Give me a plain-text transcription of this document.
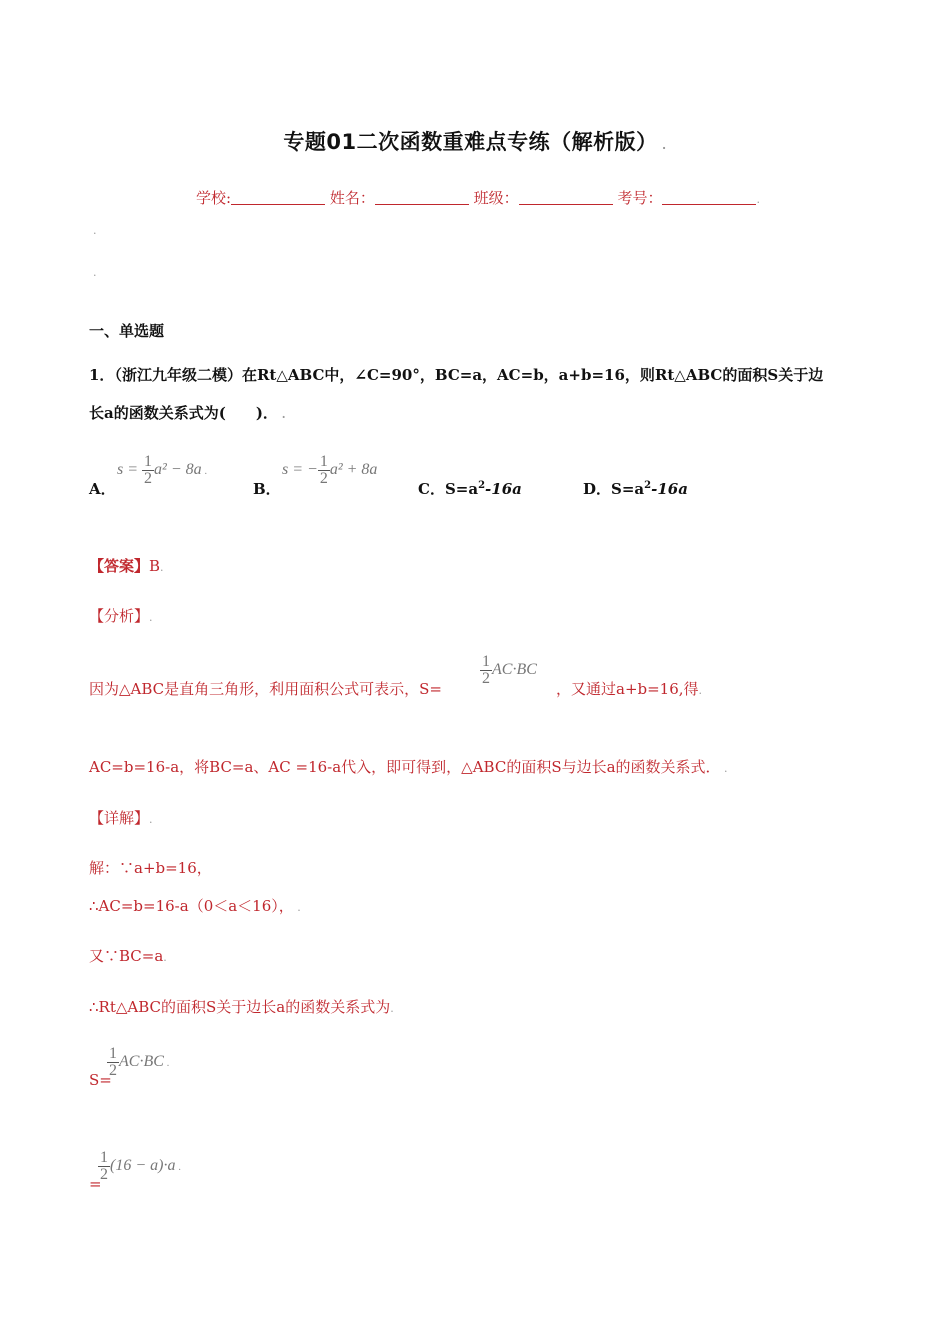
专题01二次函数重难点专练（解析版） .
学校:	姓名：	班级：	考号：	.
.
.
一、单选题
1．（浙江九年级二模）在Rt△ABC中，∠C=90°，BC=a，AC=b，a+b=16，则Rt△ABC的面积S关于边
长a的函数关系式为(　　)． .
A．
$s = \frac{1}{2} a^2 - 8a$ .
B．
s = − $\frac{1}{2} a^2 + 8a$
C．$S=a^2-16a$	D．$S=a^2-16a$
【答案】B.
【分析】.
因为△ABC是直角三角形，利用面积公式可表示，S=
$\frac{1}{2} AC\cdot BC$
，又通过a+b=16,得.
AC=b=16-a，将BC=a、AC =16-a代入，即可得到，△ABC的面积S与边长a的函数关系式． .
【详解】.
解：∵a+b=16，
∴AC=b=16-a（0＜a＜16）， .
又∵BC=a.
∴Rt△ABC的面积S关于边长a的函数关系式为.
S=
$\frac{1}{2} AC\cdot BC$ .
=
$\frac{1}{2} (16 - a)\cdot a$ .
